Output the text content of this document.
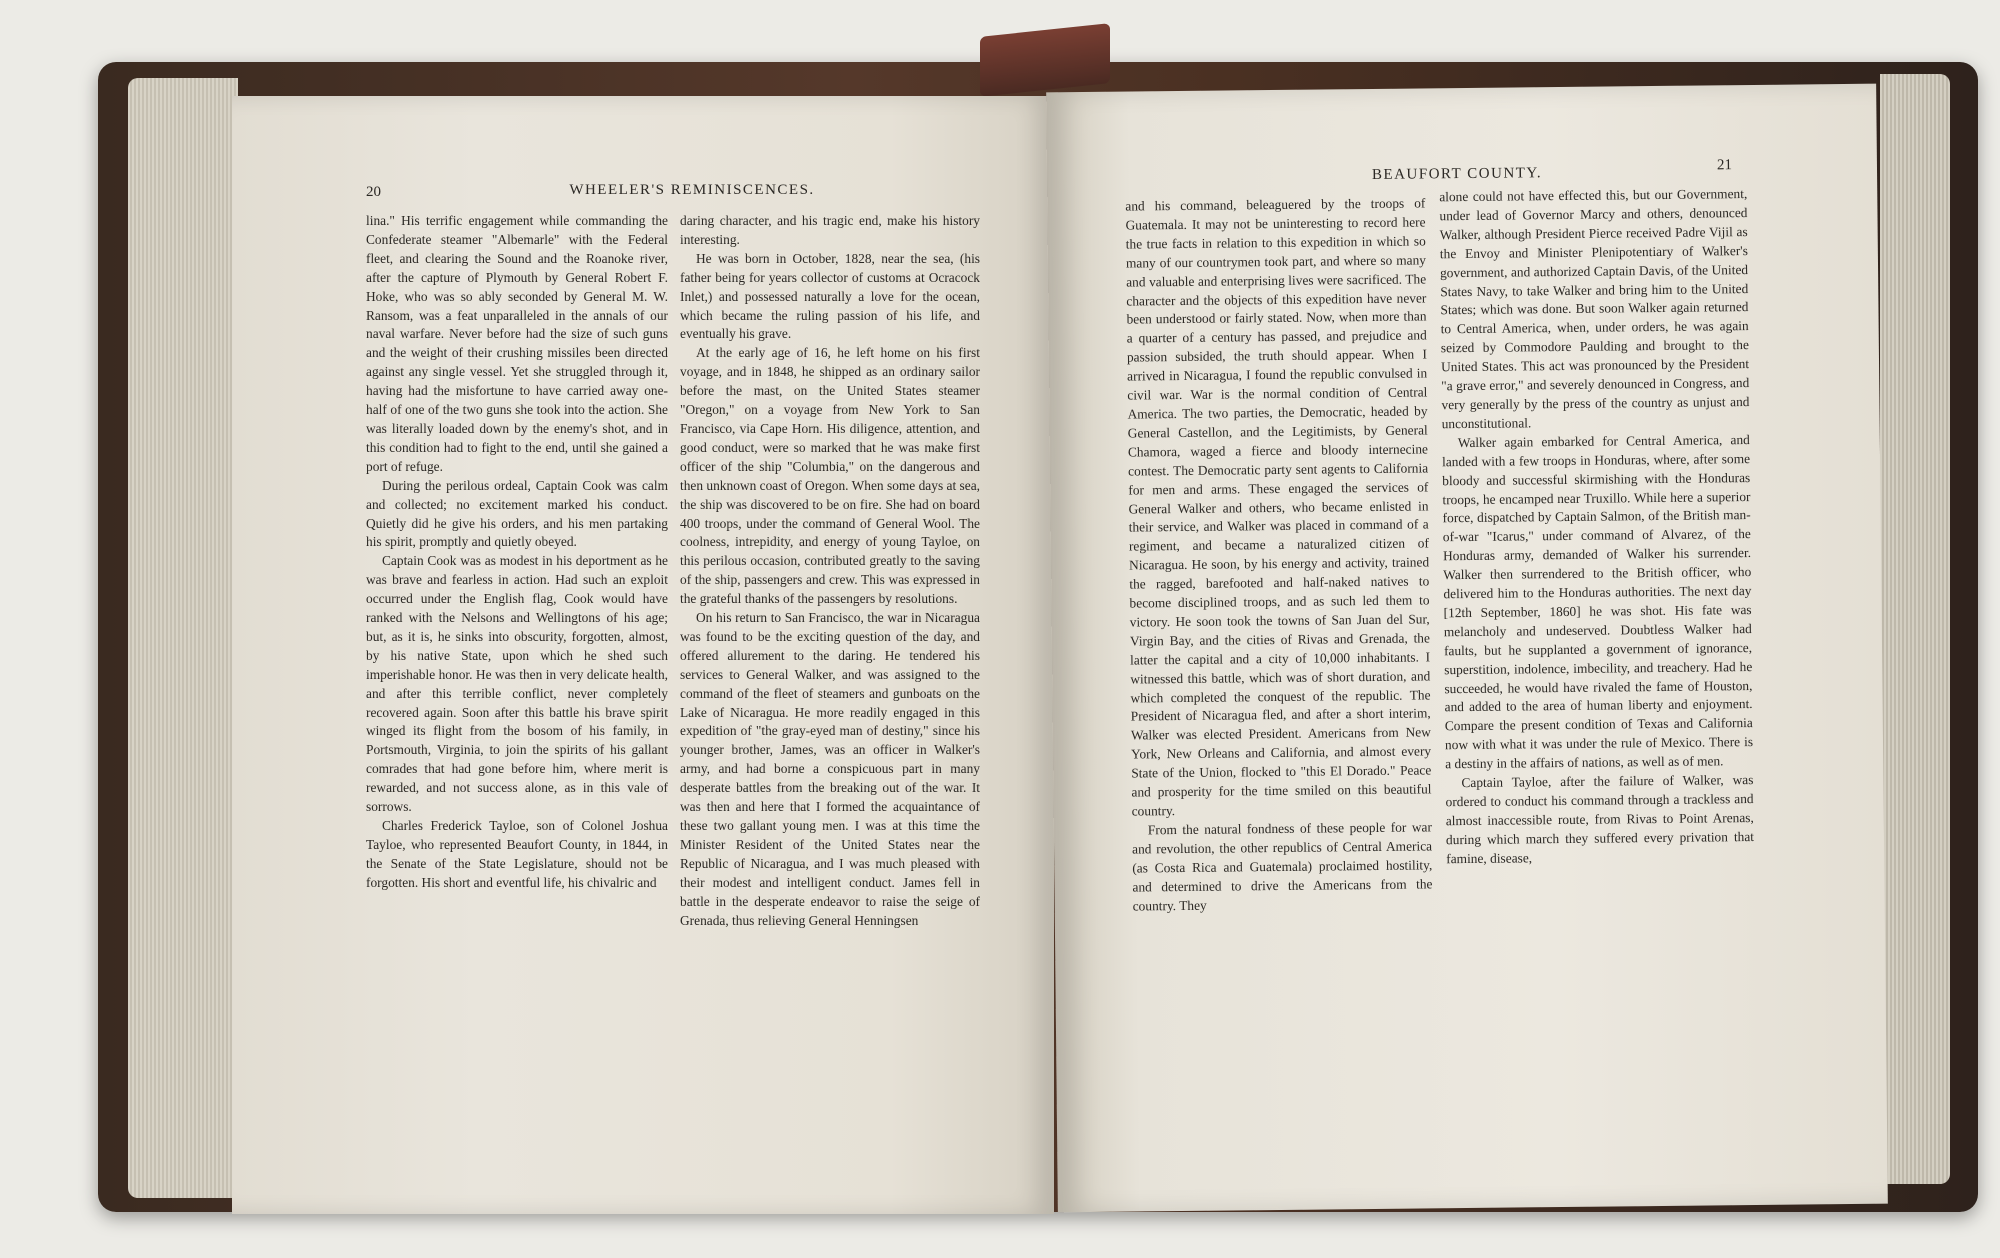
20	WHEELER'S REMINISCENCES.

lina." His terrific engagement while commanding the Confederate steamer "Albemarle" with the Federal fleet, and clearing the Sound and the Roanoke river, after the capture of Plymouth by General Robert F. Hoke, who was so ably seconded by General M. W. Ransom, was a feat unparalleled in the annals of our naval warfare. Never before had the size of such guns and the weight of their crushing missiles been directed against any single vessel. Yet she struggled through it, having had the misfortune to have carried away one-half of one of the two guns she took into the action. She was literally loaded down by the enemy's shot, and in this condition had to fight to the end, until she gained a port of refuge.

During the perilous ordeal, Captain Cook was calm and collected; no excitement marked his conduct. Quietly did he give his orders, and his men partaking his spirit, promptly and quietly obeyed.

Captain Cook was as modest in his deportment as he was brave and fearless in action. Had such an exploit occurred under the English flag, Cook would have ranked with the Nelsons and Wellingtons of his age; but, as it is, he sinks into obscurity, forgotten, almost, by his native State, upon which he shed such imperishable honor. He was then in very delicate health, and after this terrible conflict, never completely recovered again. Soon after this battle his brave spirit winged its flight from the bosom of his family, in Portsmouth, Virginia, to join the spirits of his gallant comrades that had gone before him, where merit is rewarded, and not success alone, as in this vale of sorrows.

Charles Frederick Tayloe, son of Colonel Joshua Tayloe, who represented Beaufort County, in 1844, in the Senate of the State Legislature, should not be forgotten. His short and eventful life, his chivalric and

daring character, and his tragic end, make his history interesting.

He was born in October, 1828, near the sea, (his father being for years collector of customs at Ocracock Inlet,) and possessed naturally a love for the ocean, which became the ruling passion of his life, and eventually his grave.

At the early age of 16, he left home on his first voyage, and in 1848, he shipped as an ordinary sailor before the mast, on the United States steamer "Oregon," on a voyage from New York to San Francisco, via Cape Horn. His diligence, attention, and good conduct, were so marked that he was make first officer of the ship "Columbia," on the dangerous and then unknown coast of Oregon. When some days at sea, the ship was discovered to be on fire. She had on board 400 troops, under the command of General Wool. The coolness, intrepidity, and energy of young Tayloe, on this perilous occasion, contributed greatly to the saving of the ship, passengers and crew. This was expressed in the grateful thanks of the passengers by resolutions.

On his return to San Francisco, the war in Nicaragua was found to be the exciting question of the day, and offered allurement to the daring. He tendered his services to General Walker, and was assigned to the command of the fleet of steamers and gunboats on the Lake of Nicaragua. He more readily engaged in this expedition of "the gray-eyed man of destiny," since his younger brother, James, was an officer in Walker's army, and had borne a conspicuous part in many desperate battles from the breaking out of the war. It was then and here that I formed the acquaintance of these two gallant young men. I was at this time the Minister Resident of the United States near the Republic of Nicaragua, and I was much pleased with their modest and intelligent conduct. James fell in battle in the desperate endeavor to raise the seige of Grenada, thus relieving General Henningsen

BEAUFORT COUNTY.	21

and his command, beleaguered by the troops of Guatemala. It may not be uninteresting to record here the true facts in relation to this expedition in which so many of our countrymen took part, and where so many and valuable and enterprising lives were sacrificed. The character and the objects of this expedition have never been understood or fairly stated. Now, when more than a quarter of a century has passed, and prejudice and passion subsided, the truth should appear. When I arrived in Nicaragua, I found the republic convulsed in civil war. War is the normal condition of Central America. The two parties, the Democratic, headed by General Castellon, and the Legitimists, by General Chamora, waged a fierce and bloody internecine contest. The Democratic party sent agents to California for men and arms. These engaged the services of General Walker and others, who became enlisted in their service, and Walker was placed in command of a regiment, and became a naturalized citizen of Nicaragua. He soon, by his energy and activity, trained the ragged, barefooted and half-naked natives to become disciplined troops, and as such led them to victory. He soon took the towns of San Juan del Sur, Virgin Bay, and the cities of Rivas and Grenada, the latter the capital and a city of 10,000 inhabitants. I witnessed this battle, which was of short duration, and which completed the conquest of the republic. The President of Nicaragua fled, and after a short interim, Walker was elected President. Americans from New York, New Orleans and California, and almost every State of the Union, flocked to "this El Dorado." Peace and prosperity for the time smiled on this beautiful country.

From the natural fondness of these people for war and revolution, the other republics of Central America (as Costa Rica and Guatemala) proclaimed hostility, and determined to drive the Americans from the country. They

alone could not have effected this, but our Government, under lead of Governor Marcy and others, denounced Walker, although President Pierce received Padre Vijil as the Envoy and Minister Plenipotentiary of Walker's government, and authorized Captain Davis, of the United States Navy, to take Walker and bring him to the United States; which was done. But soon Walker again returned to Central America, when, under orders, he was again seized by Commodore Paulding and brought to the United States. This act was pronounced by the President "a grave error," and severely denounced in Congress, and very generally by the press of the country as unjust and unconstitutional.

Walker again embarked for Central America, and landed with a few troops in Honduras, where, after some bloody and successful skirmishing with the Honduras troops, he encamped near Truxillo. While here a superior force, dispatched by Captain Salmon, of the British man-of-war "Icarus," under command of Alvarez, of the Honduras army, demanded of Walker his surrender. Walker then surrendered to the British officer, who delivered him to the Honduras authorities. The next day [12th September, 1860] he was shot. His fate was melancholy and undeserved. Doubtless Walker had faults, but he supplanted a government of ignorance, superstition, indolence, imbecility, and treachery. Had he succeeded, he would have rivaled the fame of Houston, and added to the area of human liberty and enjoyment. Compare the present condition of Texas and California now with what it was under the rule of Mexico. There is a destiny in the affairs of nations, as well as of men.

Captain Tayloe, after the failure of Walker, was ordered to conduct his command through a trackless and almost inaccessible route, from Rivas to Point Arenas, during which march they suffered every privation that famine, disease,
